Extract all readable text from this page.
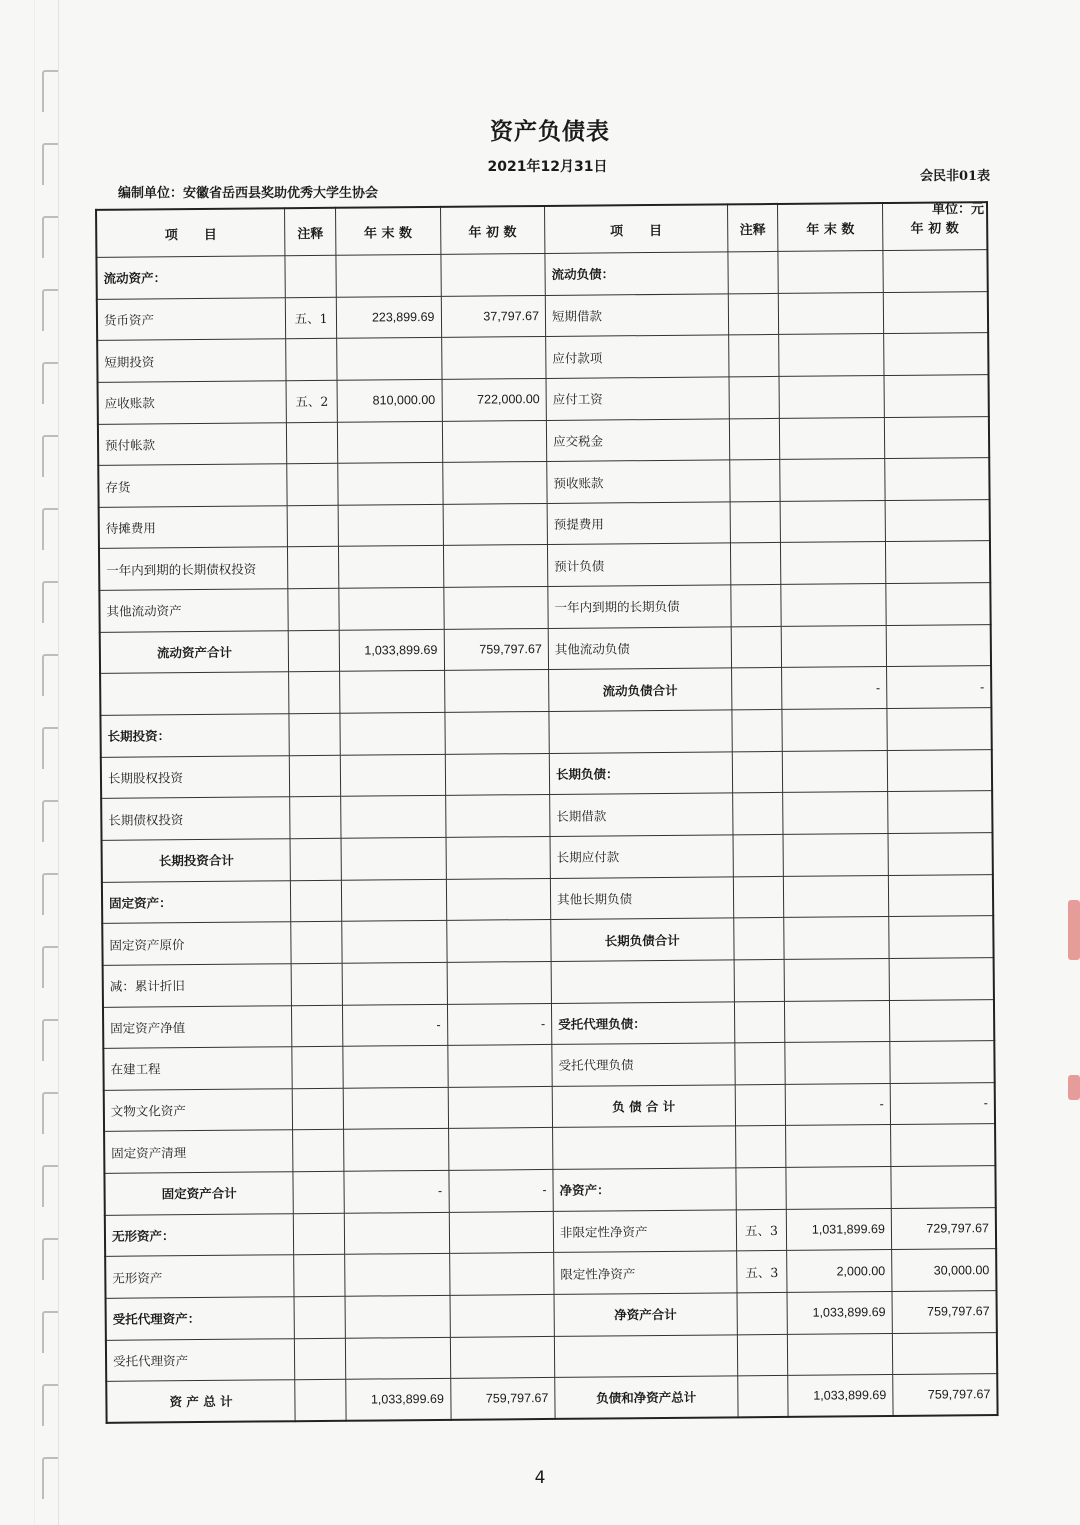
资产负债表
2021年12月31日
会民非01表
编制单位：安徽省岳西县奖助优秀大学生协会
单位：元
项　　目	注释	年 末 数	年 初 数	项　　目	注释	年 末 数	年 初 数
流动资产：				流动负债：			
货币资产	五、1	223,899.69	37,797.67	短期借款			
短期投资				应付款项			
应收账款	五、2	810,000.00	722,000.00	应付工资			
预付帐款				应交税金			
存货				预收账款			
待摊费用				预提费用			
一年内到期的长期债权投资				预计负债			
其他流动资产				一年内到期的长期负债			
流动资产合计		1,033,899.69	759,797.67	其他流动负债			
				流动负债合计		-	-
长期投资：							
长期股权投资				长期负债：			
长期债权投资				长期借款			
长期投资合计				长期应付款			
固定资产：				其他长期负债			
固定资产原价				长期负债合计			
减：累计折旧							
固定资产净值		-	-	受托代理负债：			
在建工程				受托代理负债			
文物文化资产				负 债 合 计		-	-
固定资产清理							
固定资产合计		-	-	净资产：			
无形资产：				非限定性净资产	五、3	1,031,899.69	729,797.67
无形资产				限定性净资产	五、3	2,000.00	30,000.00
受托代理资产：				净资产合计		1,033,899.69	759,797.67
受托代理资产							
资 产 总 计		1,033,899.69	759,797.67	负债和净资产总计		1,033,899.69	759,797.67
4
